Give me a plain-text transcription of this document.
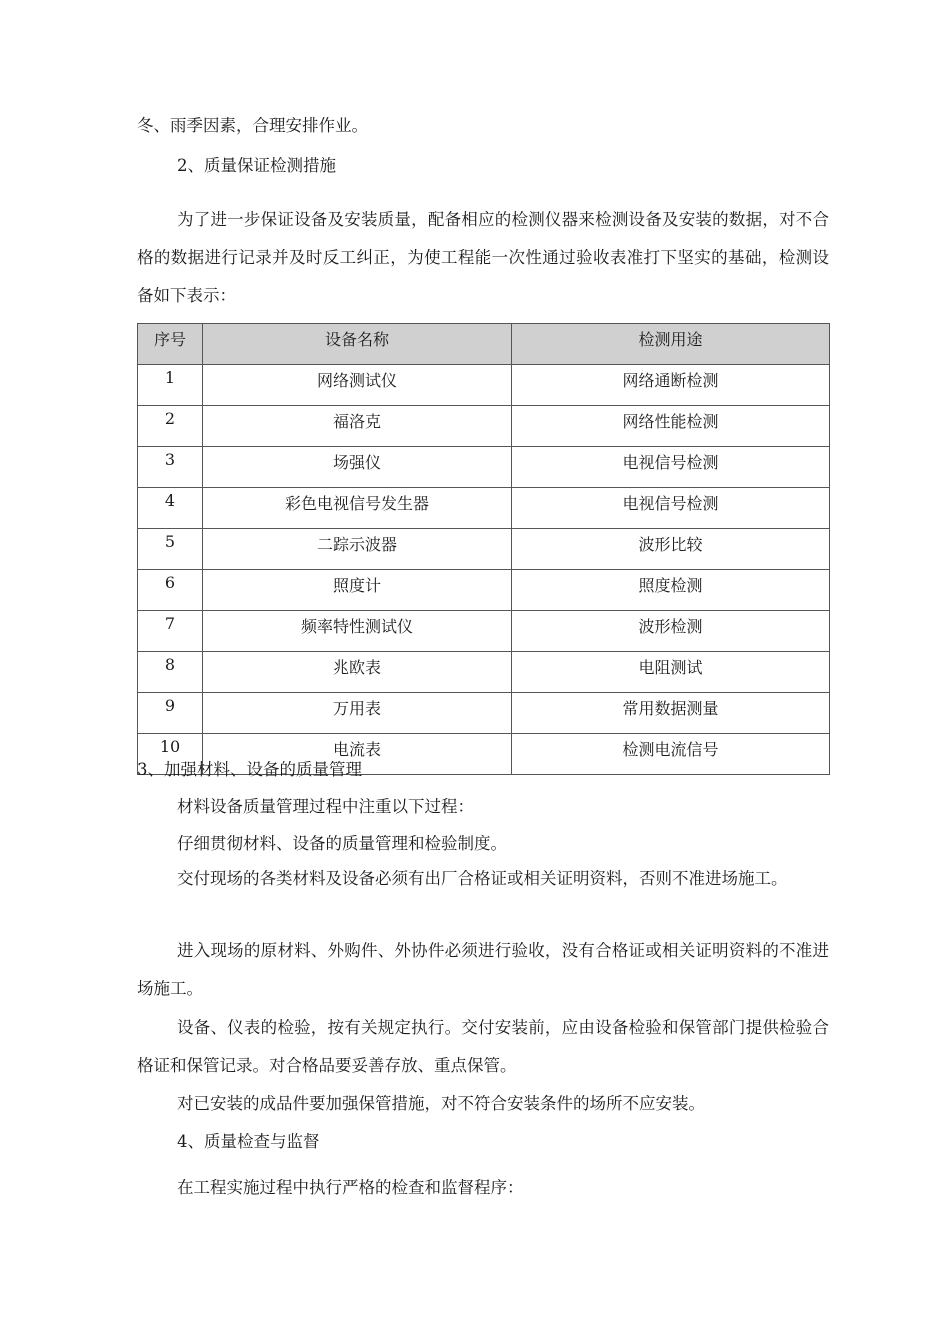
冬、雨季因素，合理安排作业。
2、质量保证检测措施
为了进一步保证设备及安装质量，配备相应的检测仪器来检测设备及安装的数据，对不合格的数据进行记录并及时反工纠正，为使工程能一次性通过验收表准打下坚实的基础，检测设备如下表示：
序号	设备名称	检测用途
1	网络测试仪	网络通断检测
2	福洛克	网络性能检测
3	场强仪	电视信号检测
4	彩色电视信号发生器	电视信号检测
5	二踪示波器	波形比较
6	照度计	照度检测
7	频率特性测试仪	波形检测
8	兆欧表	电阻测试
9	万用表	常用数据测量
10	电流表	检测电流信号
3、加强材料、设备的质量管理
材料设备质量管理过程中注重以下过程：
仔细贯彻材料、设备的质量管理和检验制度。
交付现场的各类材料及设备必须有出厂合格证或相关证明资料，否则不准进场施工。
进入现场的原材料、外购件、外协件必须进行验收，没有合格证或相关证明资料的不准进场施工。
设备、仪表的检验，按有关规定执行。交付安装前，应由设备检验和保管部门提供检验合格证和保管记录。对合格品要妥善存放、重点保管。
对已安装的成品件要加强保管措施，对不符合安装条件的场所不应安装。
4、质量检查与监督
在工程实施过程中执行严格的检查和监督程序：
